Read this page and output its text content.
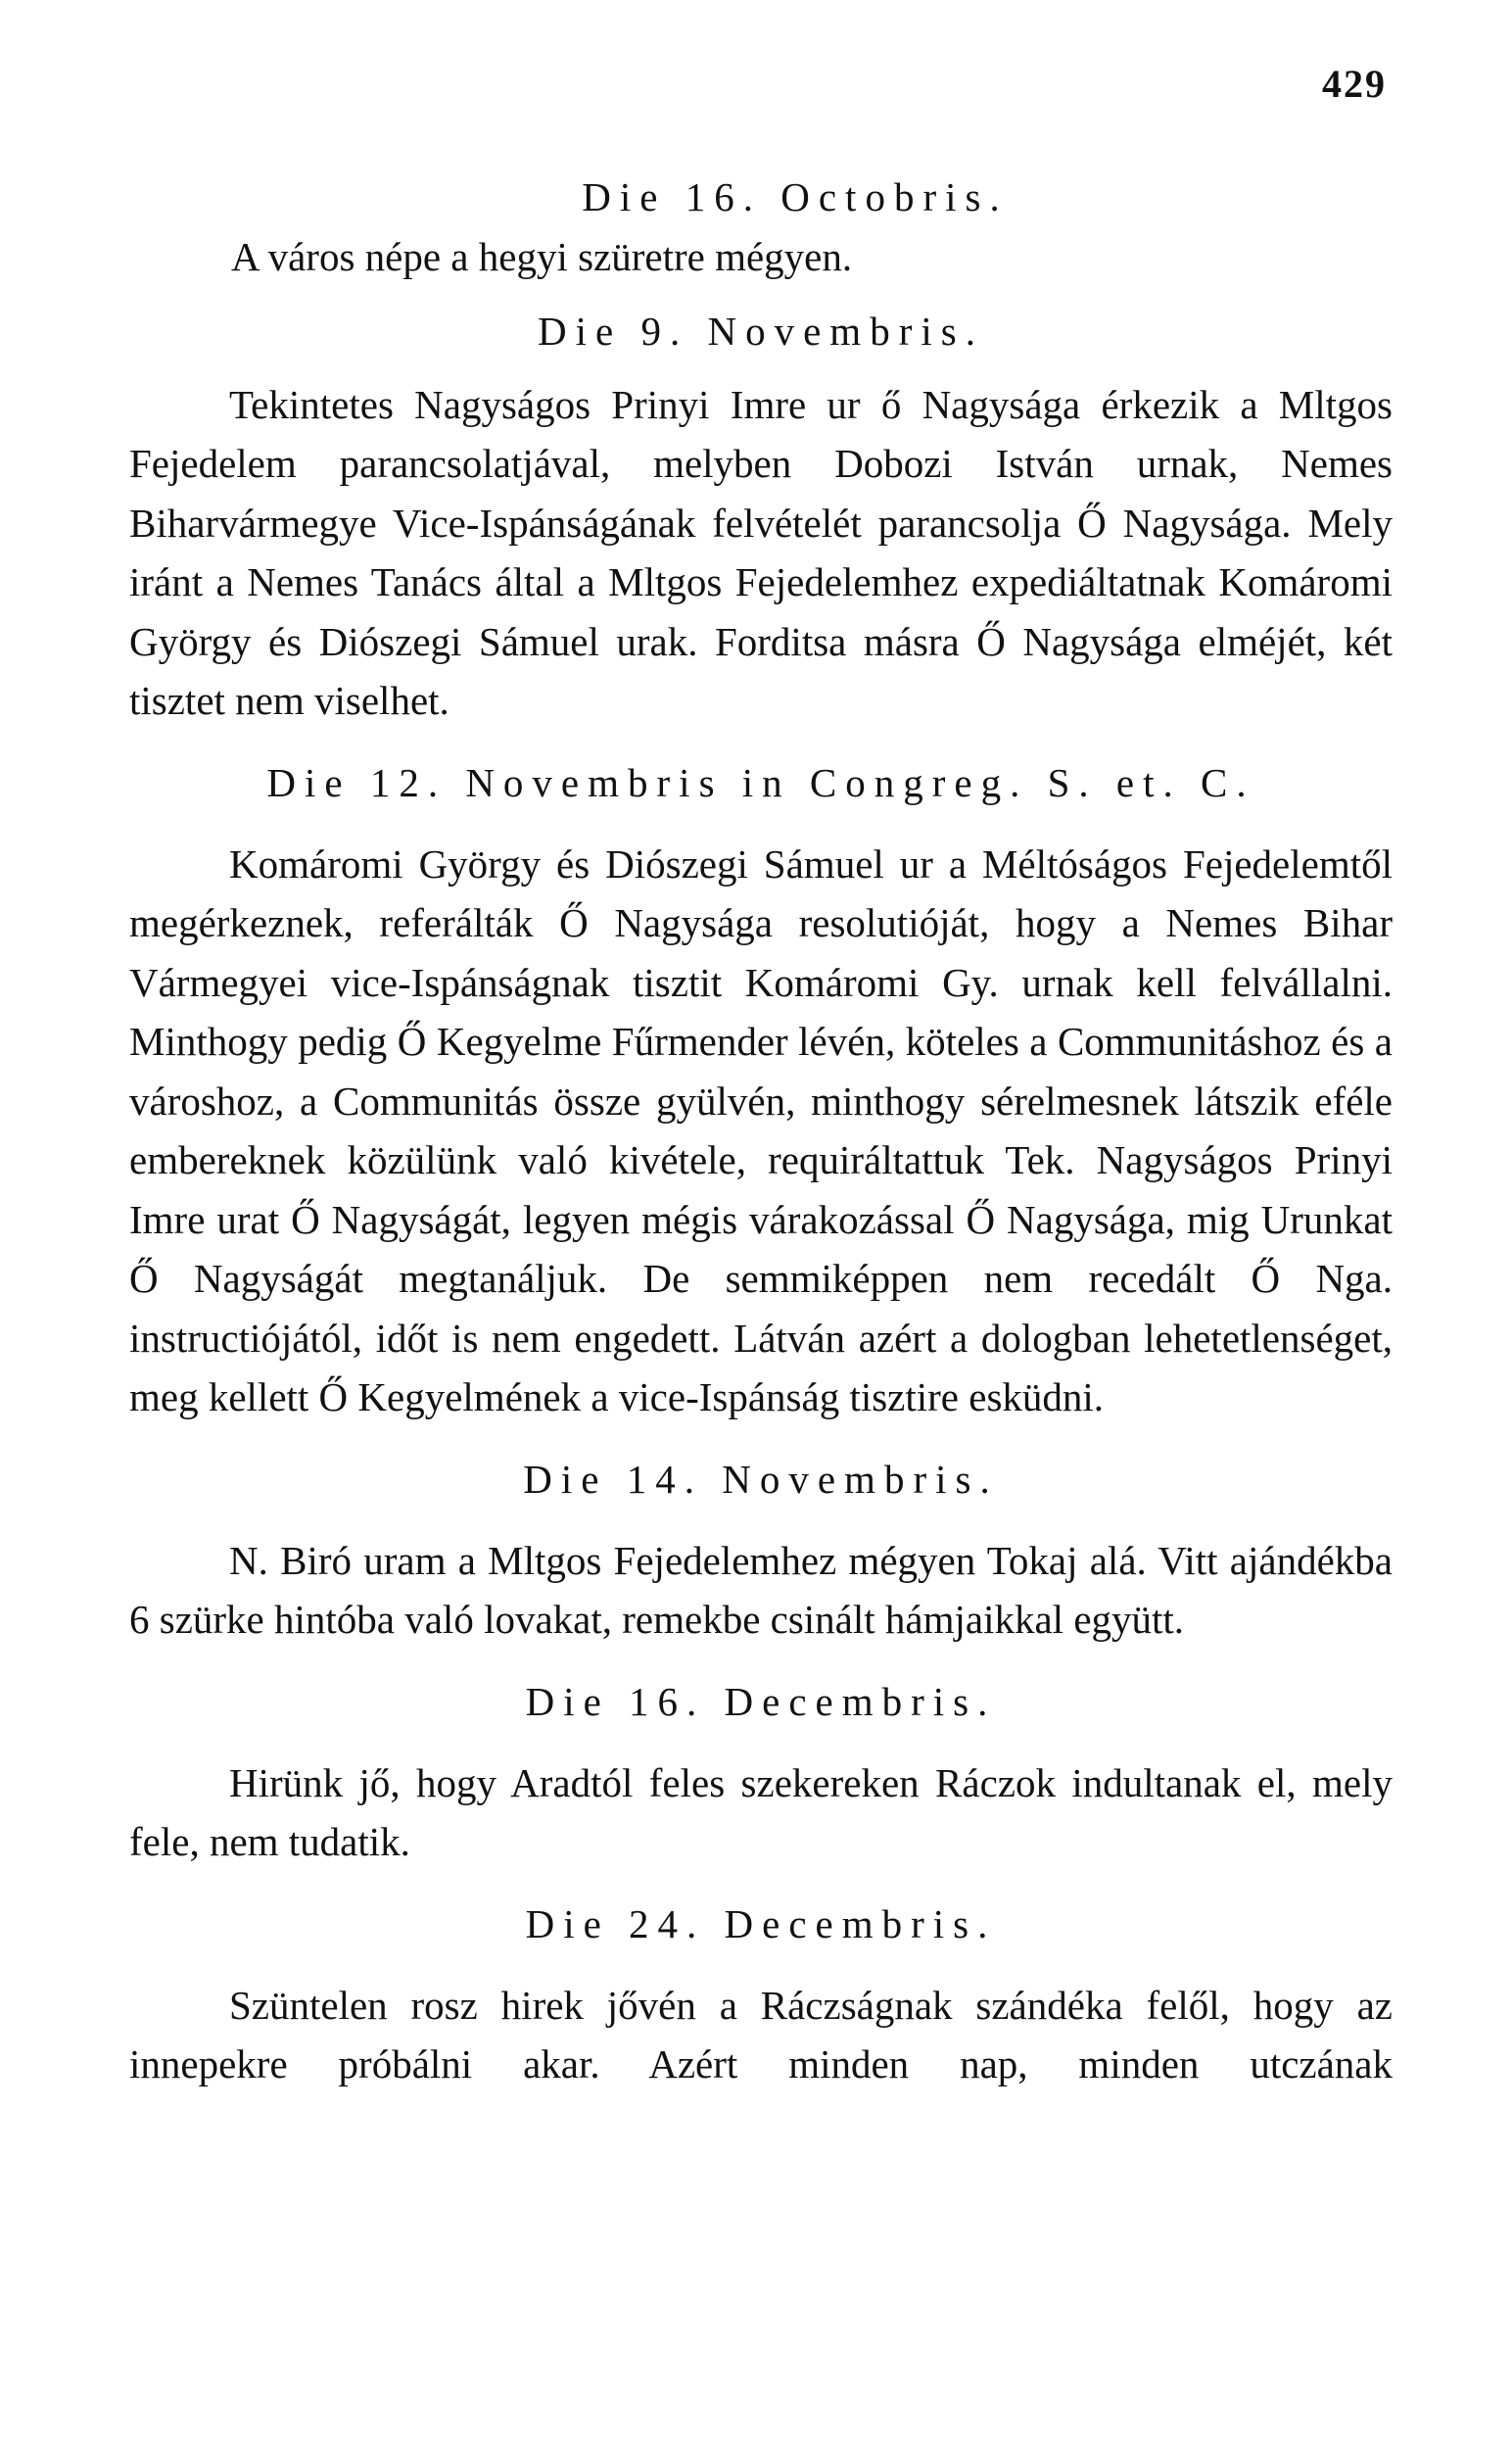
429

Die 16. Octobris.

A város népe a hegyi szüretre mégyen.

Die 9. Novembris.

Tekintetes Nagyságos Prinyi Imre ur ő Nagysága érkezik a Mltgos Fejedelem parancsolatjával, melyben Dobozi István urnak, Nemes Biharvármegye Vice-Ispánságának felvételét parancsolja Ő Nagysága. Mely iránt a Nemes Tanács által a Mltgos Fejedelemhez expediáltatnak Komáromi György és Diószegi Sámuel urak. Forditsa másra Ő Nagysága elméjét, két tisztet nem viselhet.

Die 12. Novembris in Congreg. S. et. C.

Komáromi György és Diószegi Sámuel ur a Méltóságos Fejedelemtől megérkeznek, referálták Ő Nagysága resolutióját, hogy a Nemes Bihar Vármegyei vice-Ispánságnak tisztit Komáromi Gy. urnak kell felvállalni. Minthogy pedig Ő Kegyelme Fűrmender lévén, köteles a Communitáshoz és a városhoz, a Communitás össze gyülvén, minthogy sérelmesnek látszik eféle embereknek közülünk való kivétele, requiráltattuk Tek. Nagyságos Prinyi Imre urat Ő Nagyságát, legyen mégis várakozással Ő Nagysága, mig Urunkat Ő Nagyságát megtanáljuk. De semmiképpen nem recedált Ő Nga. instructiójától, időt is nem engedett. Látván azért a dologban lehetetlenséget, meg kellett Ő Kegyelmének a vice-Ispánság tisztire esküdni.

Die 14. Novembris.

N. Biró uram a Mltgos Fejedelemhez mégyen Tokaj alá. Vitt ajándékba 6 szürke hintóba való lovakat, remekbe csinált hámjaikkal együtt.

Die 16. Decembris.

Hirünk jő, hogy Aradtól feles szekereken Ráczok indultanak el, mely fele, nem tudatik.

Die 24. Decembris.

Szüntelen rosz hirek jővén a Ráczságnak szándéka felől, hogy az innepekre próbálni akar. Azért minden nap, minden utczának
